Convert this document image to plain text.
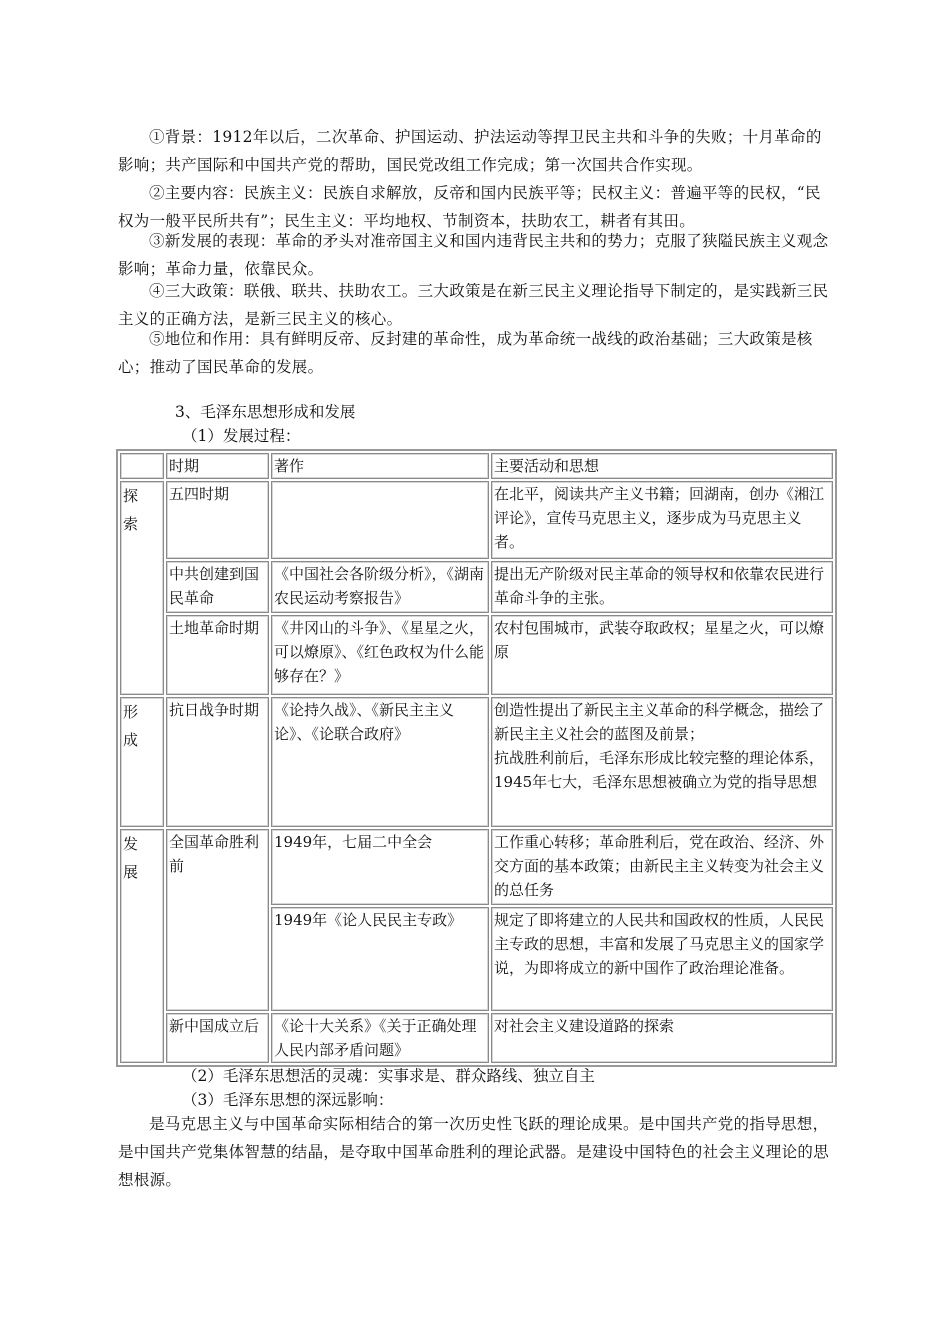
①背景：1912年以后，二次革命、护国运动、护法运动等捍卫民主共和斗争的失败；十月革命的影响；共产国际和中国共产党的帮助，国民党改组工作完成；第一次国共合作实现。

②主要内容：民族主义：民族自求解放，反帝和国内民族平等；民权主义：普遍平等的民权，“民权为一般平民所共有”；民生主义：平均地权、节制资本，扶助农工，耕者有其田。

③新发展的表现：革命的矛头对准帝国主义和国内违背民主共和的势力；克服了狭隘民族主义观念影响；革命力量，依靠民众。

④三大政策：联俄、联共、扶助农工。三大政策是在新三民主义理论指导下制定的，是实践新三民主义的正确方法，是新三民主义的核心。

⑤地位和作用：具有鲜明反帝、反封建的革命性，成为革命统一战线的政治基础；三大政策是核心；推动了国民革命的发展。

3、毛泽东思想形成和发展

（1）发展过程：

	时期	著作	主要活动和思想

探索	五四时期		在北平，阅读共产主义书籍；回湖南，创办《湘江评论》，宣传马克思主义，逐步成为马克思主义者。
	中共创建到国民革命	《中国社会各阶级分析》，《湖南农民运动考察报告》	提出无产阶级对民主革命的领导权和依靠农民进行革命斗争的主张。
	土地革命时期	《井冈山的斗争》、《星星之火，可以燎原》、《红色政权为什么能够存在？》	农村包围城市，武装夺取政权；星星之火，可以燎原

形成	抗日战争时期	《论持久战》、《新民主主义论》、《论联合政府》	创造性提出了新民主主义革命的科学概念，描绘了新民主主义社会的蓝图及前景；
抗战胜利前后，毛泽东形成比较完整的理论体系，1945年七大，毛泽东思想被确立为党的指导思想

发展	全国革命胜利前	1949年，七届二中全会	工作重心转移；革命胜利后，党在政治、经济、外交方面的基本政策；由新民主主义转变为社会主义的总任务
		1949年《论人民民主专政》	规定了即将建立的人民共和国政权的性质，人民民主专政的思想，丰富和发展了马克思主义的国家学说，为即将成立的新中国作了政治理论准备。
	新中国成立后	《论十大关系》《关于正确处理人民内部矛盾问题》	对社会主义建设道路的探索

（2）毛泽东思想活的灵魂：实事求是、群众路线、独立自主

（3）毛泽东思想的深远影响：

是马克思主义与中国革命实际相结合的第一次历史性飞跃的理论成果。是中国共产党的指导思想，是中国共产党集体智慧的结晶，是夺取中国革命胜利的理论武器。是建设中国特色的社会主义理论的思想根源。
